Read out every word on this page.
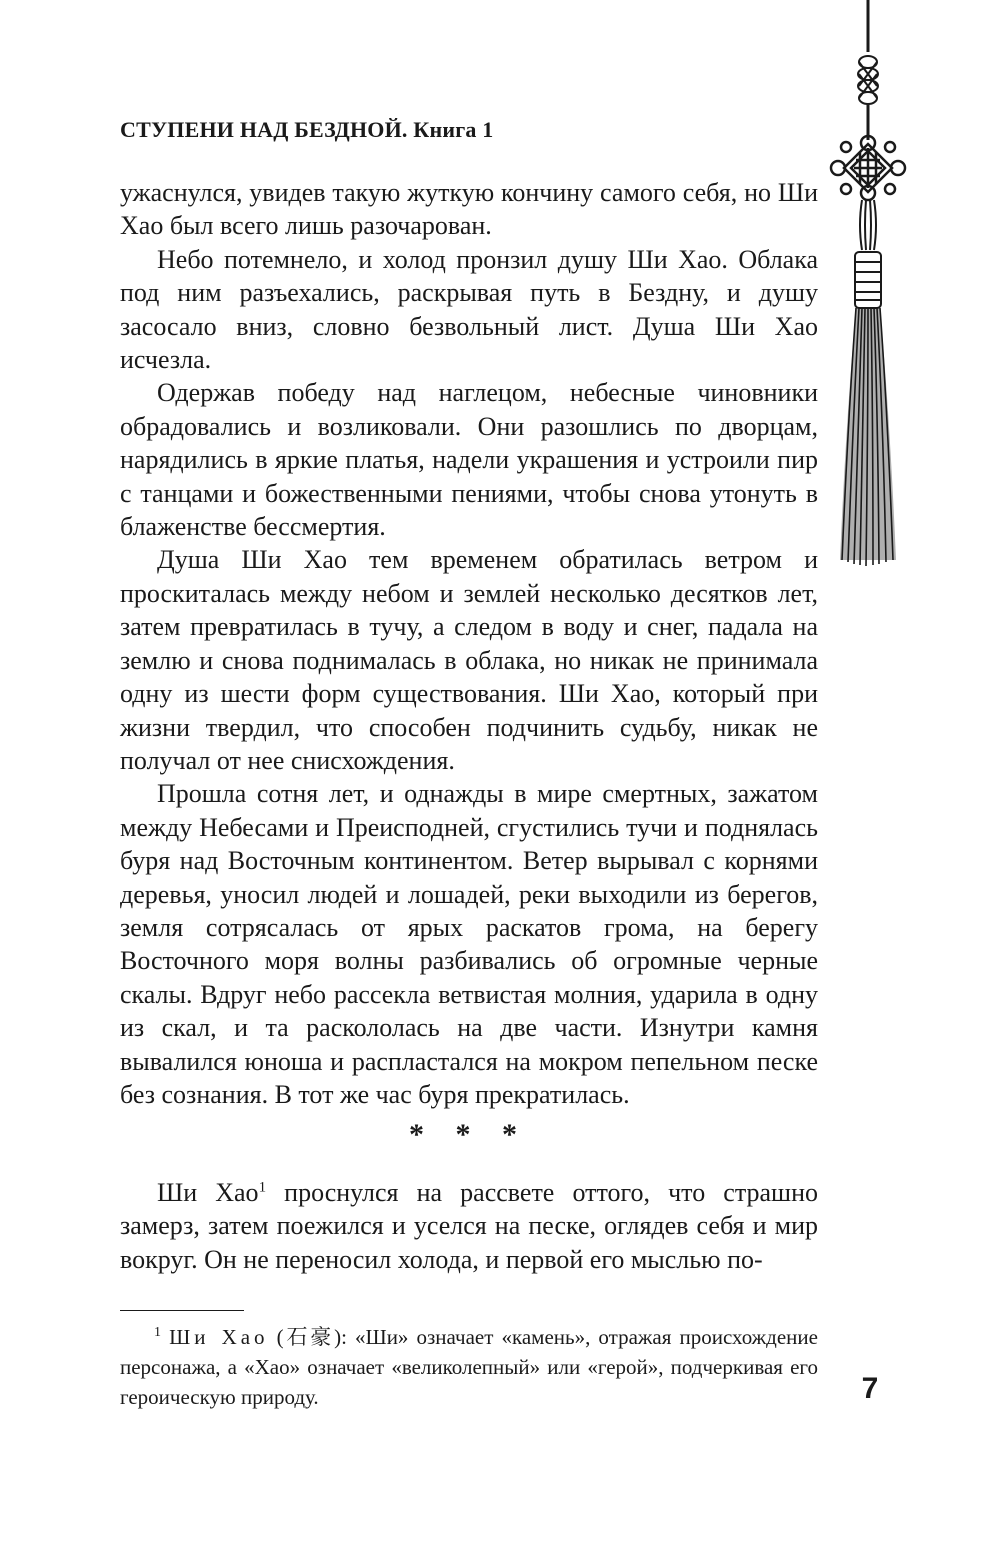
СТУПЕНИ НАД БЕЗДНОЙ. Книга 1

ужаснулся, увидев такую жуткую кончину самого себя, но Ши Хао был всего лишь разочарован.

Небо потемнело, и холод пронзил душу Ши Хао. Облака под ним разъехались, раскрывая путь в Бездну, и душу засосало вниз, словно безвольный лист. Душа Ши Хао исчезла.

Одержав победу над наглецом, небесные чиновники обрадовались и возликовали. Они разошлись по дворцам, нарядились в яркие платья, надели украшения и устроили пир с танцами и божественными пениями, чтобы снова утонуть в блаженстве бессмертия.

Душа Ши Хао тем временем обратилась ветром и проскиталась между небом и землей несколько десятков лет, затем превратилась в тучу, а следом в воду и снег, падала на землю и снова поднималась в облака, но никак не принимала одну из шести форм существования. Ши Хао, который при жизни твердил, что способен подчинить судьбу, никак не получал от нее снисхождения.

Прошла сотня лет, и однажды в мире смертных, зажатом между Небесами и Преисподней, сгустились тучи и поднялась буря над Восточным континентом. Ветер вырывал с корнями деревья, уносил людей и лошадей, реки выходили из берегов, земля сотрясалась от ярых раскатов грома, на берегу Восточного моря волны разбивались об огромные черные скалы. Вдруг небо рассекла ветвистая молния, ударила в одну из скал, и та раскололась на две части. Изнутри камня вывалился юноша и распластался на мокром пепельном песке без сознания. В тот же час буря прекратилась.

* * *

Ши Хао$^1$ проснулся на рассвете оттого, что страшно замерз, затем поежился и уселся на песке, оглядев себя и мир вокруг. Он не переносил холода, и первой его мыслью по-

$^1$ Ши Хао (石豪): «Ши» означает «камень», отражая происхождение персонажа, а «Хао» означает «великолепный» или «герой», подчеркивая его героическую природу.	7
